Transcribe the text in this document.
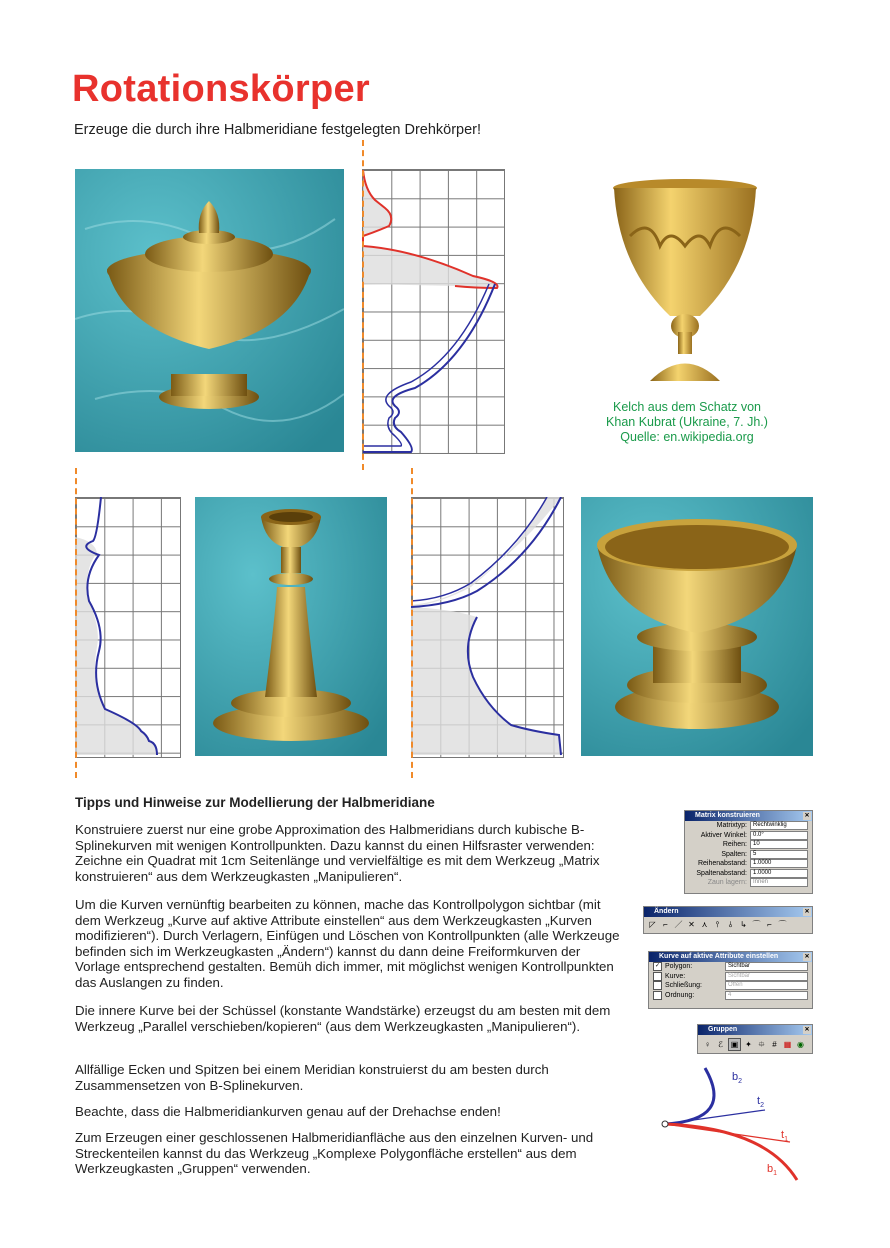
Rotationskörper
Erzeuge die durch ihre Halbmeridiane festgelegten Drehkörper!
Kelch aus dem Schatz von
Khan Kubrat (Ukraine, 7. Jh.)
Quelle: en.wikipedia.org
Tipps und Hinweise zur Modellierung der Halbmeridiane
Konstruiere zuerst nur eine grobe Approximation des Halbmeridians durch kubische B-Splinekurven mit wenigen Kontrollpunkten. Dazu kannst du einen Hilfsraster verwenden: Zeichne ein Quadrat mit 1cm Seitenlänge und vervielfältige es mit dem Werkzeug „Matrix konstruieren“ aus dem Werkzeugkasten „Manipulieren“.
Um die Kurven vernünftig bearbeiten zu können, mache das Kontrollpolygon sichtbar (mit dem Werkzeug „Kurve auf aktive Attribute einstellen“ aus dem Werkzeugkasten „Kurven modifizieren“). Durch Verlagern, Einfügen und Löschen von Kontrollpunkten (alle Werkzeuge befinden sich im Werkzeugkasten „Ändern“) kannst du dann deine Freiformkurven der Vorlage entsprechend gestalten. Bemüh dich immer, mit möglichst wenigen Kontrollpunkten das Auslangen zu finden.
Die innere Kurve bei der Schüssel (konstante Wandstärke) erzeugst du am besten mit dem Werkzeug „Parallel verschieben/kopieren“ (aus dem Werkzeugkasten „Manipulieren“).
Allfällige Ecken und Spitzen bei einem Meridian konstruierst du am besten durch Zusammensetzen von B-Splinekurven.
Beachte, dass die Halbmeridiankurven genau auf der Drehachse enden!
Zum Erzeugen einer geschlossenen Halbmeridianfläche aus den einzelnen Kurven- und Streckenteilen kannst du das Werkzeug „Komplexe Polygonfläche erstellen“ aus dem Werkzeugkasten „Gruppen“ verwenden.
Matrix konstruieren	✕
Matrixtyp:	Rechtwinklig
Aktiver Winkel:	0.0°
Reihen:	10
Spalten:	5
Reihenabstand:	1.0000
Spaltenabstand:	1.0000
Zaun lagern:	Innen
Ändern	✕
◸ ⌐ ／ ✕ ⋏ ⫯ ⫰ ↳ ⌒ ⌐ ⌒
Kurve auf aktive Attribute einstellen	✕
✓ Polygon:	Sichtbar
Kurve:	Sichtbar
Schließung:	Offen
Ordnung:	4
Gruppen	✕
♀ ℰ ▣ ✦ ⯐ # ▦ ◉
$b_2$
$t_2$
$t_1$
$b_1$
